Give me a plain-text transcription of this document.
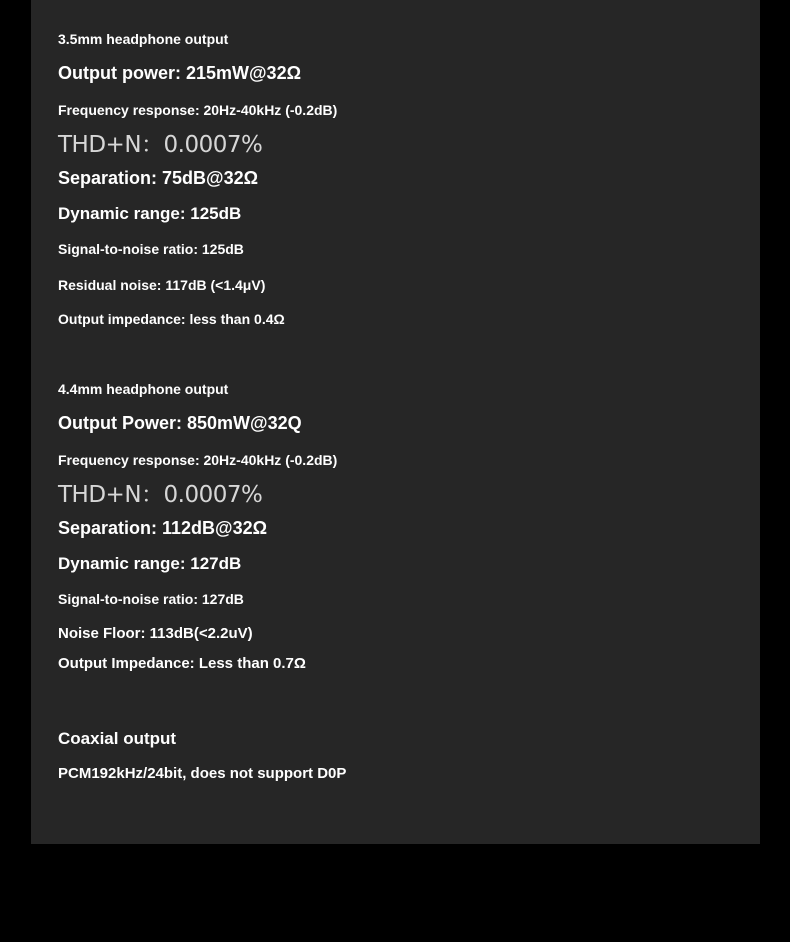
3.5mm headphone output

Output power: 215mW@32Ω

Frequency response: 20Hz-40kHz (-0.2dB)

THD+N：0.0007%

Separation: 75dB@32Ω

Dynamic range: 125dB

Signal-to-noise ratio: 125dB

Residual noise: 117dB (<1.4μV)

Output impedance: less than 0.4Ω

4.4mm headphone output

Output Power: 850mW@32Q

Frequency response: 20Hz-40kHz (-0.2dB)

THD+N：0.0007%

Separation: 112dB@32Ω

Dynamic range: 127dB

Signal-to-noise ratio: 127dB

Noise Floor: 113dB(<2.2uV)

Output Impedance: Less than 0.7Ω

Coaxial output

PCM192kHz/24bit, does not support D0P
